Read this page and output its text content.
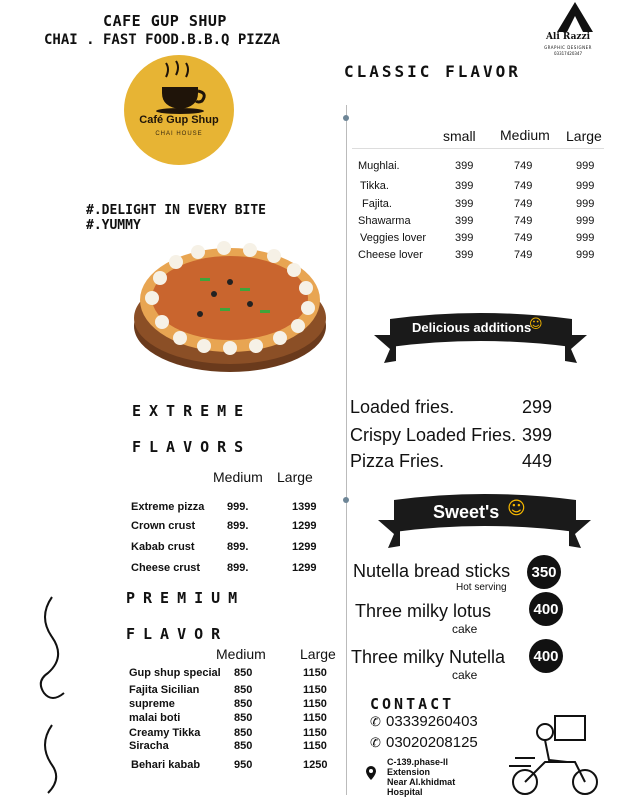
CAFE GUP SHUP
CHAI . FAST FOOD.B.B.Q PIZZA
Café Gup Shup
CHAI HOUSE
Ali Razzi
GRAPHIC DESIGNER
03317420347
#.DELIGHT IN EVERY BITE
#.YUMMY
CLASSIC FLAVOR
small Medium Large
Mughlai.	399	749	999
Tikka.	399	749	999
Fajita.	399	749	999
Shawarma	399	749	999
Veggies lover	399	749	999
Cheese lover	399	749	999
Delicious additions
☺
Loaded fries.	299
Crispy Loaded Fries. 399
Pizza Fries.	449
EXTREME
FLAVORS
Medium Large
Extreme pizza 999.	1399
Crown crust	899.	1299
Kabab crust	899.	1299
Cheese crust 899.	1299
Sweet's ☺
Nutella bread sticks
Hot serving
350
Three milky lotus
cake
400
Three milky Nutella
cake
400
PREMIUM
FLAVOR
Medium Large
Gup shup special 850	1150
Fajita Sicilian	850	1150
supreme	850	1150
malai boti	850	1150
Creamy Tikka	850	1150
Siracha	850	1150
Behari kabab	950	1250
CONTACT
✆ 03339260403
✆ 03020208125
C-139.phase-ll
Extension
Near Al.khidmat
Hospital
